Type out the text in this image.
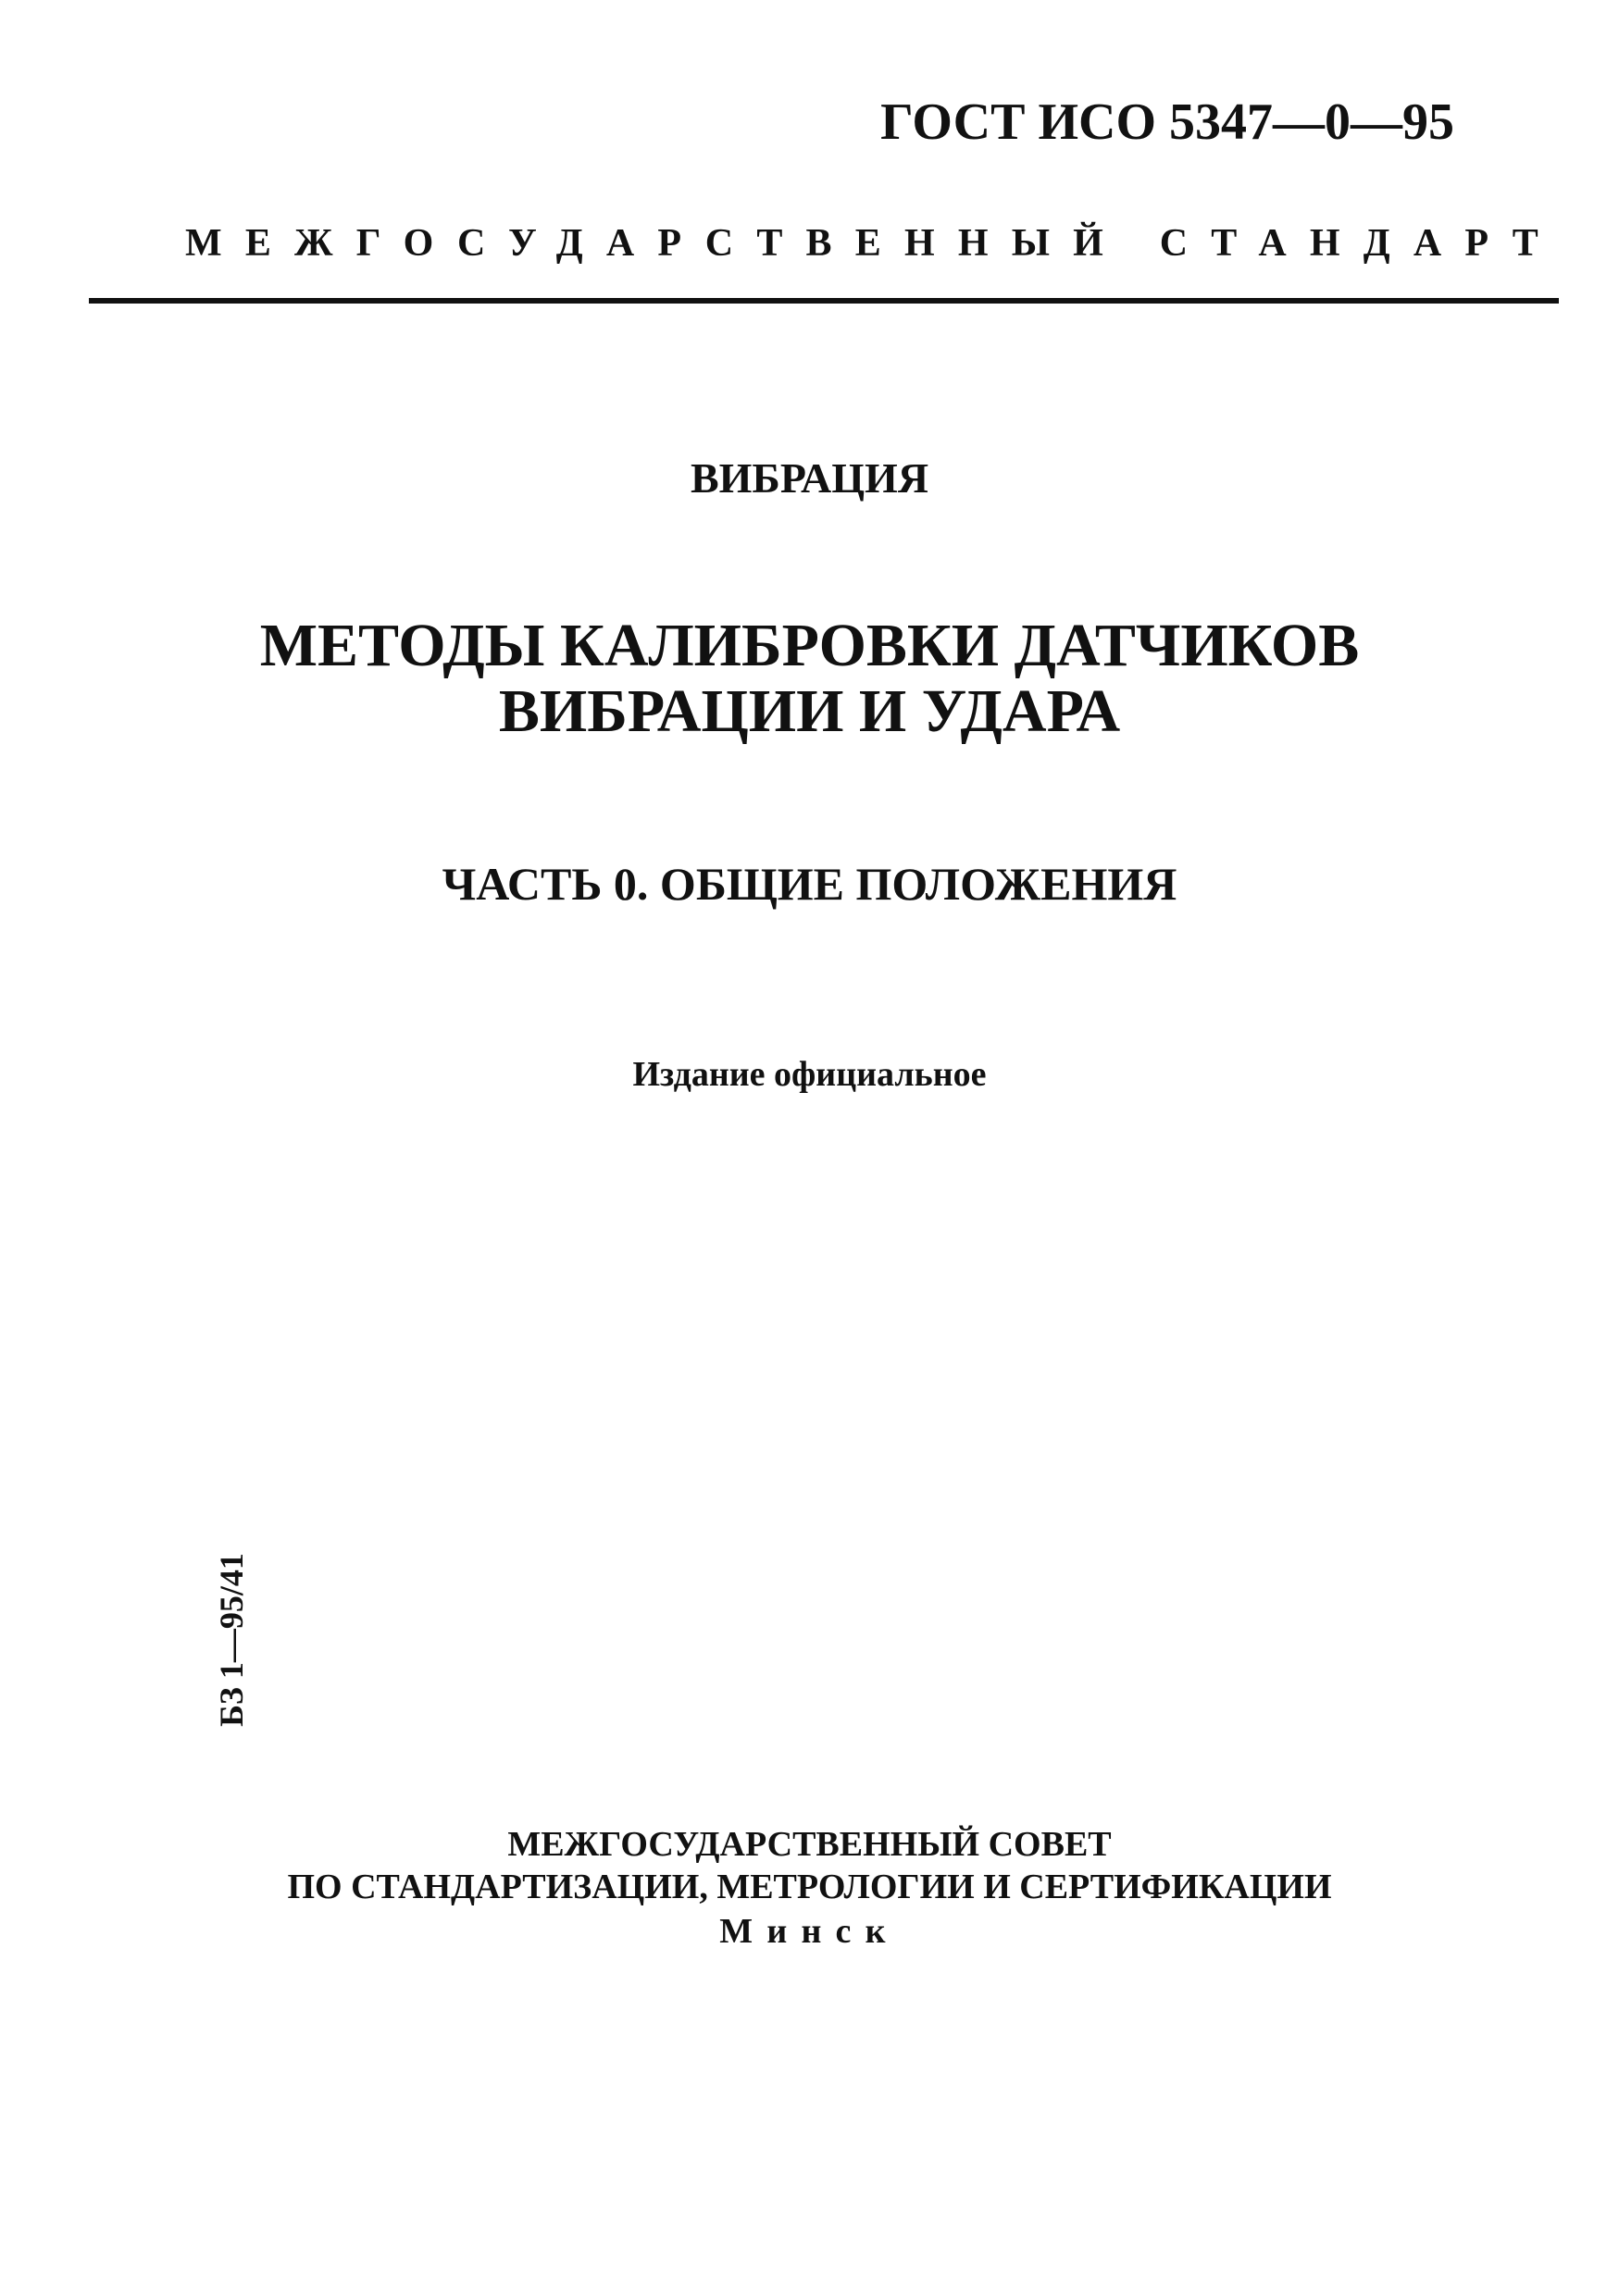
ГОСТ ИСО 5347—0—95
МЕЖГОСУДАРСТВЕННЫЙ СТАНДАРТ
ВИБРАЦИЯ
МЕТОДЫ КАЛИБРОВКИ ДАТЧИКОВ
ВИБРАЦИИ И УДАРА
ЧАСТЬ 0. ОБЩИЕ ПОЛОЖЕНИЯ
Издание официальное
БЗ 1—95/41
МЕЖГОСУДАРСТВЕННЫЙ СОВЕТ
ПО СТАНДАРТИЗАЦИИ, МЕТРОЛОГИИ И СЕРТИФИКАЦИИ
Минск
